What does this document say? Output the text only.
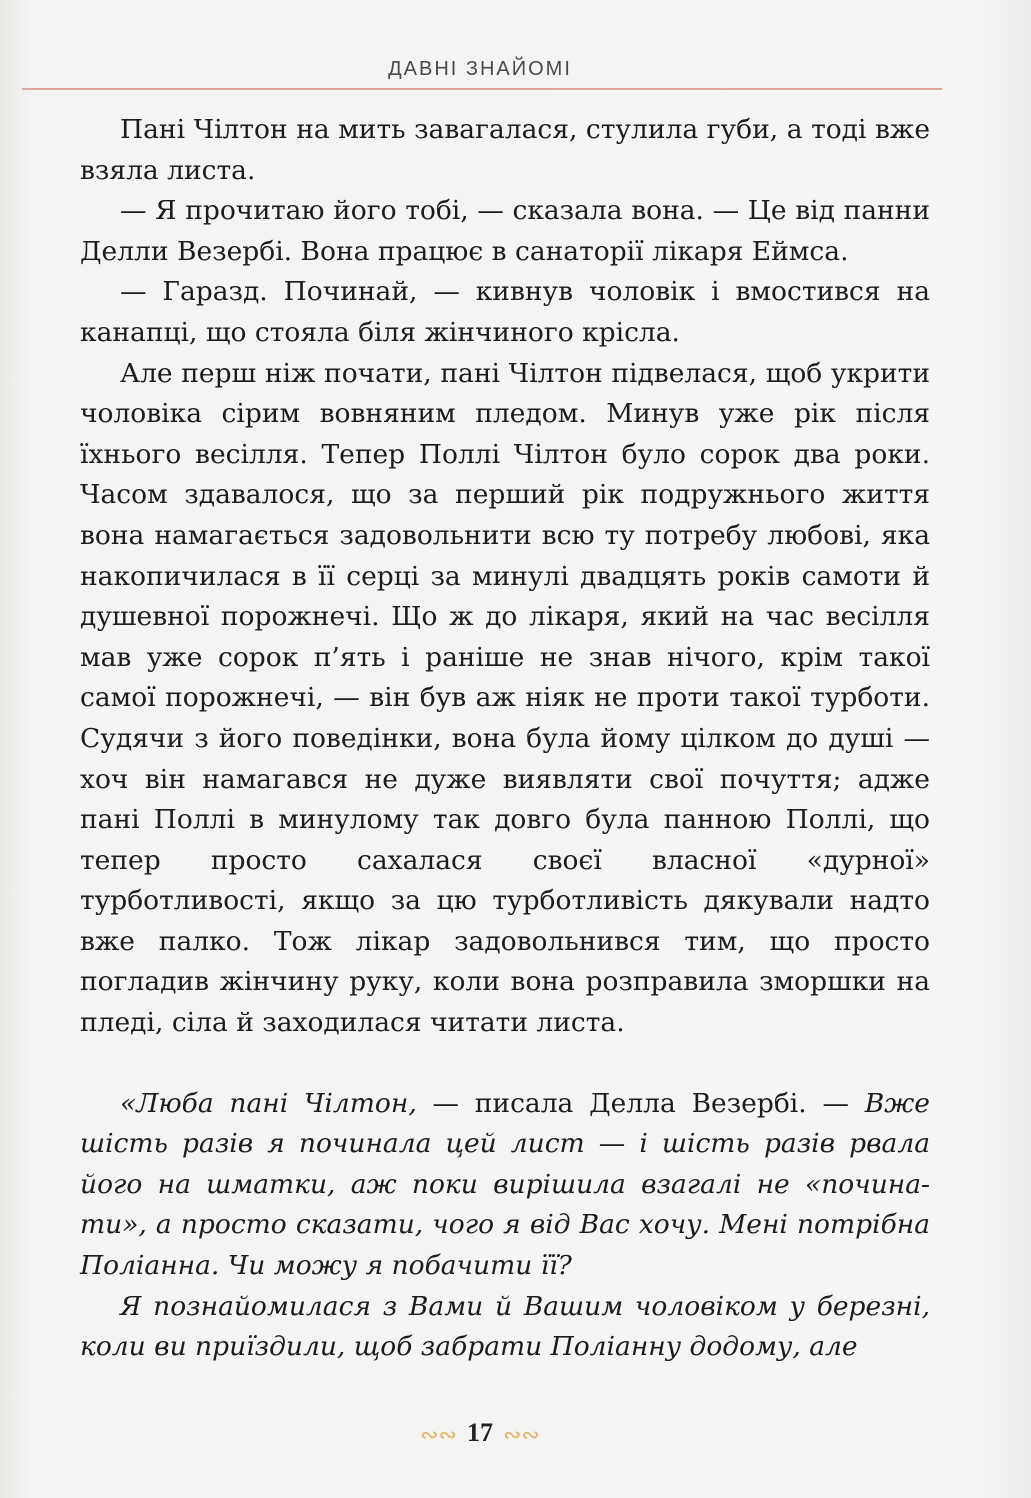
ДАВНІ ЗНАЙОМІ

Пані Чілтон на мить завагалася, стулила губи, а тоді вже взяла листа.

— Я прочитаю його тобі, — сказала вона. — Це від панни Делли Везербі. Вона працює в санаторії лікаря Еймса.

— Гаразд. Починай, — кивнув чоловік і вмостився на канапці, що стояла біля жінчиного крісла.

Але перш ніж почати, пані Чілтон підвелася, щоб укрити чоловіка сірим вовняним пледом. Минув уже рік після їхнього весілля. Тепер Поллі Чілтон було сорок два роки. Часом здавалося, що за перший рік подружнього життя вона намагається задовольнити всю ту потребу любові, яка накопичилася в її серці за минулі двадцять років самоти й душевної порожнечі. Що ж до лікаря, який на час весілля мав уже сорок п’ять і раніше не знав нічого, крім такої самої порожнечі, — він був аж ніяк не проти такої турботи. Судячи з його поведінки, вона була йому цілком до душі — хоч він намагався не дуже виявляти свої почуття; адже пані Поллі в минулому так довго була панною Поллі, що тепер просто сахалася своєї власної «дурної» турботливості, якщо за цю турботливість дякували надто вже палко. Тож лікар задовольнився тим, що просто погладив жінчину руку, коли вона розправила зморшки на пледі, сіла й заходилася читати листа.

«Люба пані Чілтон, — писала Делла Везербі. — Вже шість разів я починала цей лист — і шість разів рвала його на шматки, аж поки вирішила взагалі не «починати», а просто сказати, чого я від Вас хочу. Мені потрібна Поліанна. Чи можу я побачити її?

Я познайомилася з Вами й Вашим чоловіком у березні, коли ви приїздили, щоб забрати Поліанну додому, але

∾∾ 17 ∾∾
